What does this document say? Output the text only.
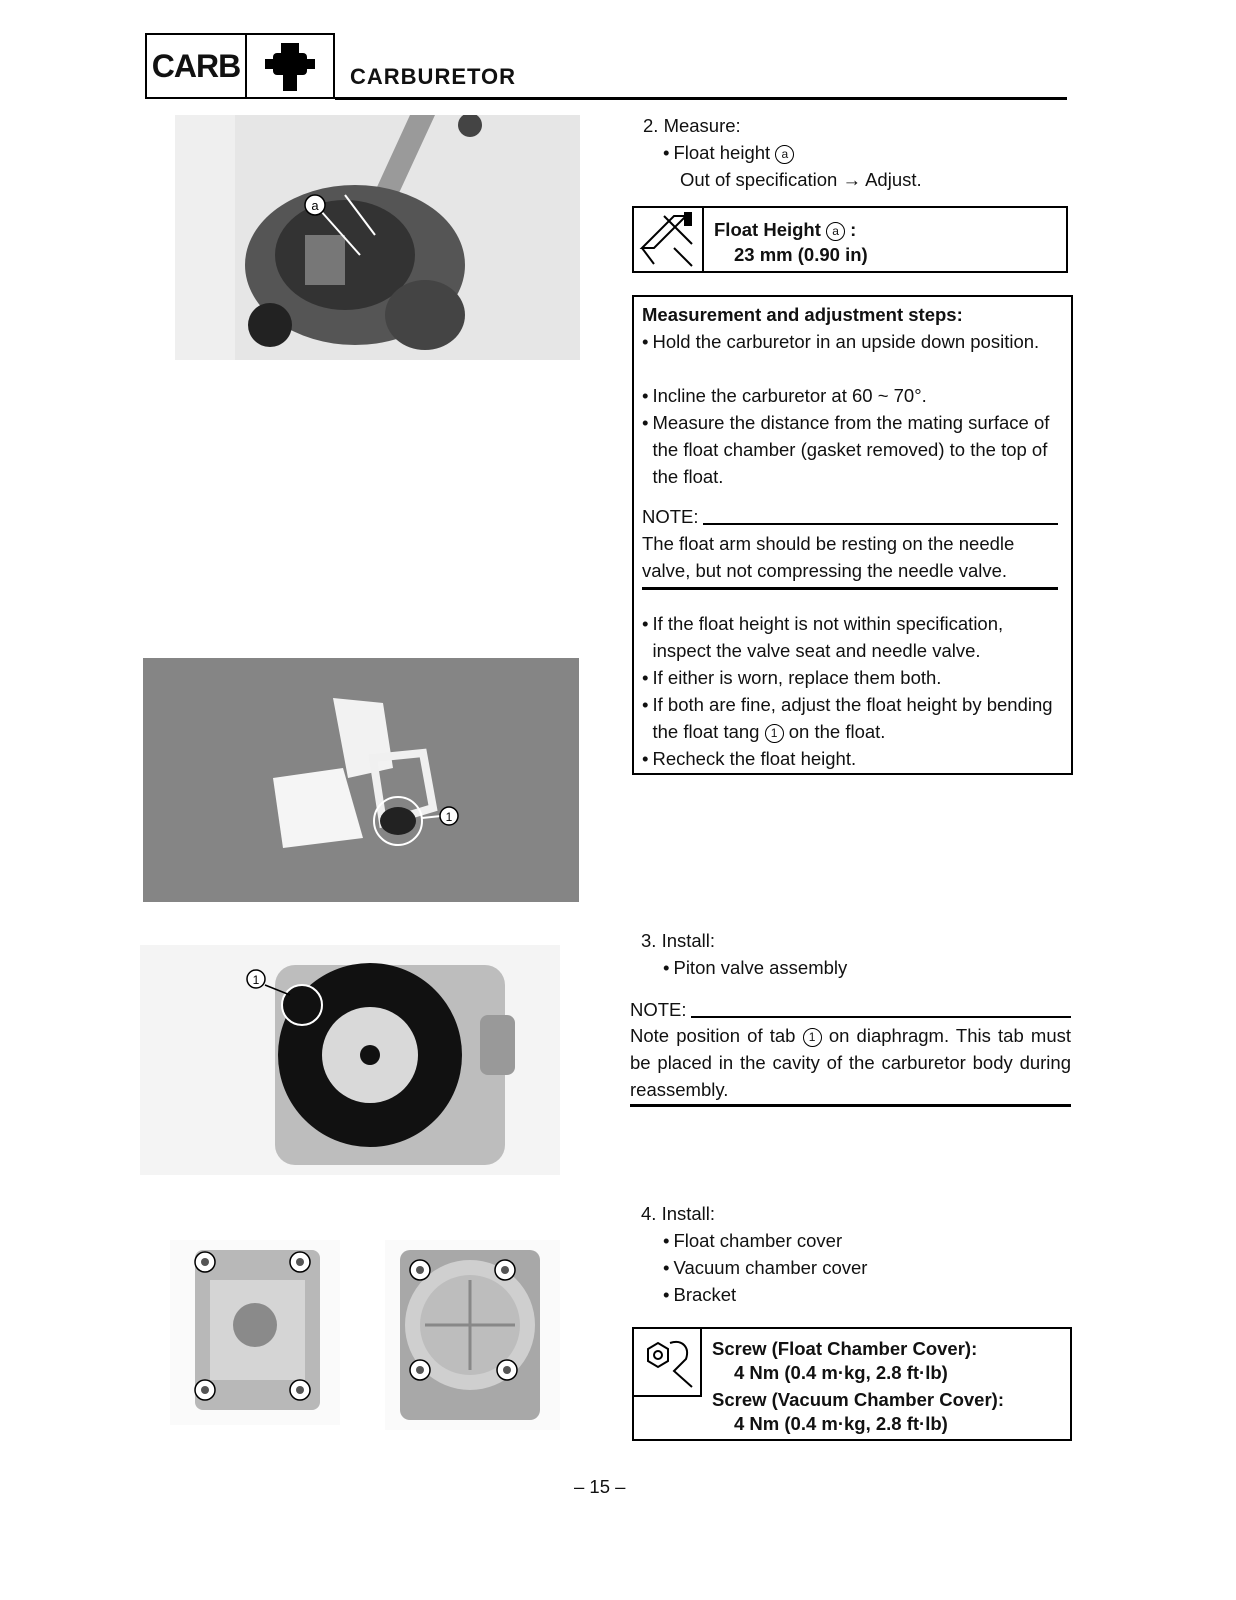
CARB	CARBURETOR
a
2. Measure:
• Float height a
Out of specification → Adjust.
Float Height a :
23 mm (0.90 in)
Measurement and adjustment steps:
•
Hold the carburetor in an upside down position.
•
Incline the carburetor at 60 ~ 70°.
•
Measure the distance from the mating surface of the float chamber (gasket removed) to the top of the float.
NOTE:
The float arm should be resting on the needle valve, but not compressing the needle valve.
•
If the float height is not within specification, inspect the valve seat and needle valve.
•
If either is worn, replace them both.
•
If both are fine, adjust the float height by bending the float tang 1 on the float.
•
Recheck the float height.
1
3. Install:
• Piton valve assembly
NOTE:
Note position of tab 1 on diaphragm. This tab must be placed in the cavity of the carburetor body during reassembly.
1
4. Install:
• Float chamber cover
• Vacuum chamber cover
• Bracket
Screw (Float Chamber Cover):
4 Nm (0.4 m·kg, 2.8 ft·lb)
Screw (Vacuum Chamber Cover):
4 Nm (0.4 m·kg, 2.8 ft·lb)
– 15 –
